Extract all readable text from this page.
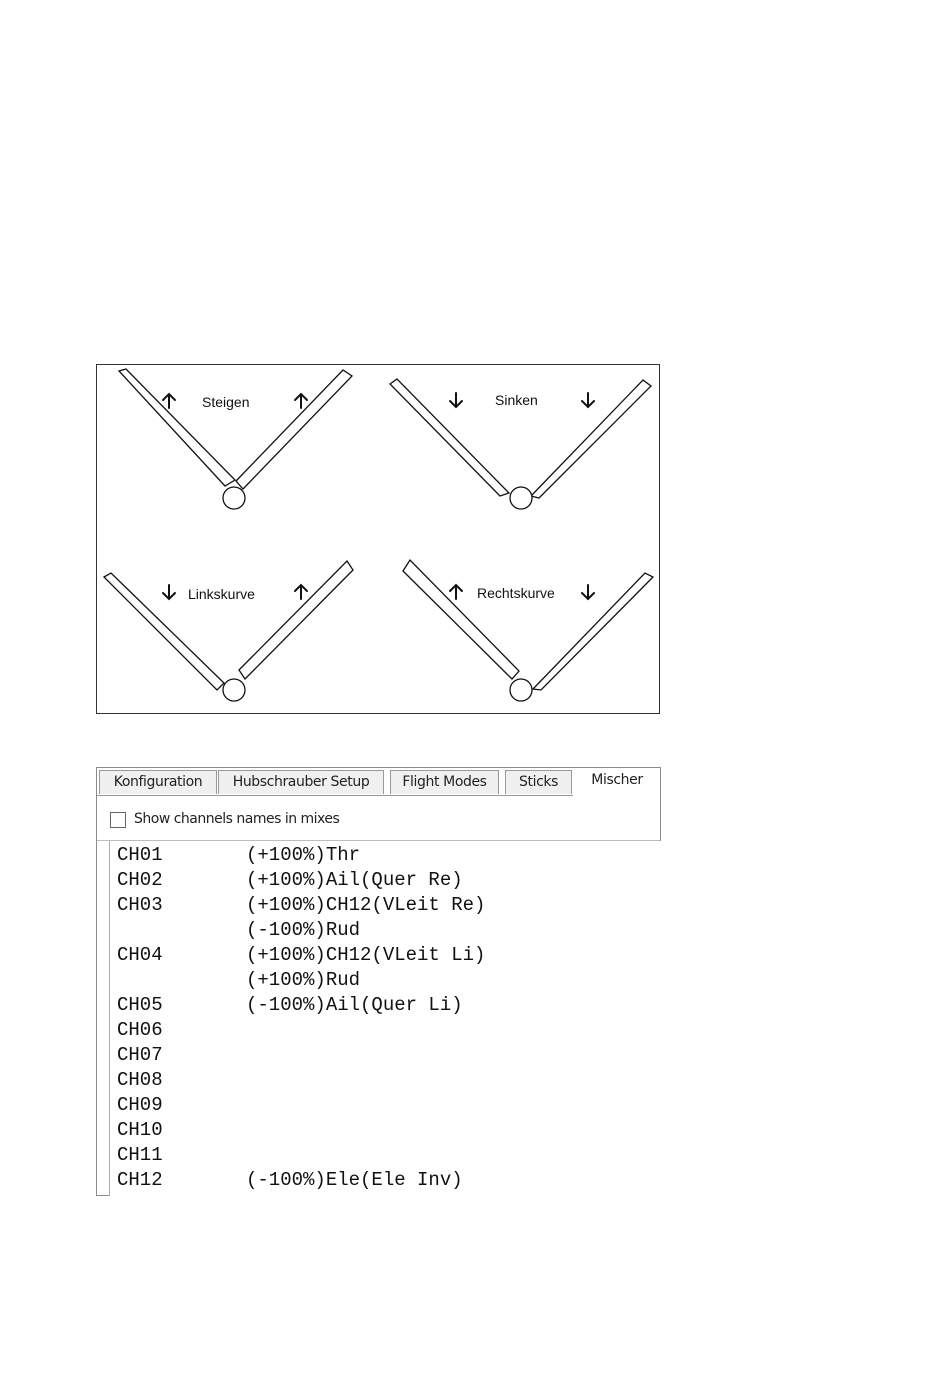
Steigen	Sinken
Linkskurve	Rechtskurve
Konfiguration	Hubschrauber Setup	Flight Modes	Sticks	Mischer
Show channels names in mixes
CH01	(+100%)Thr
CH02	(+100%)Ail(Quer Re)
CH03	(+100%)CH12(VLeit Re)
(-100%)Rud
CH04	(+100%)CH12(VLeit Li)
(+100%)Rud
CH05	(-100%)Ail(Quer Li)
CH06
CH07
CH08
CH09
CH10
CH11
CH12	(-100%)Ele(Ele Inv)
